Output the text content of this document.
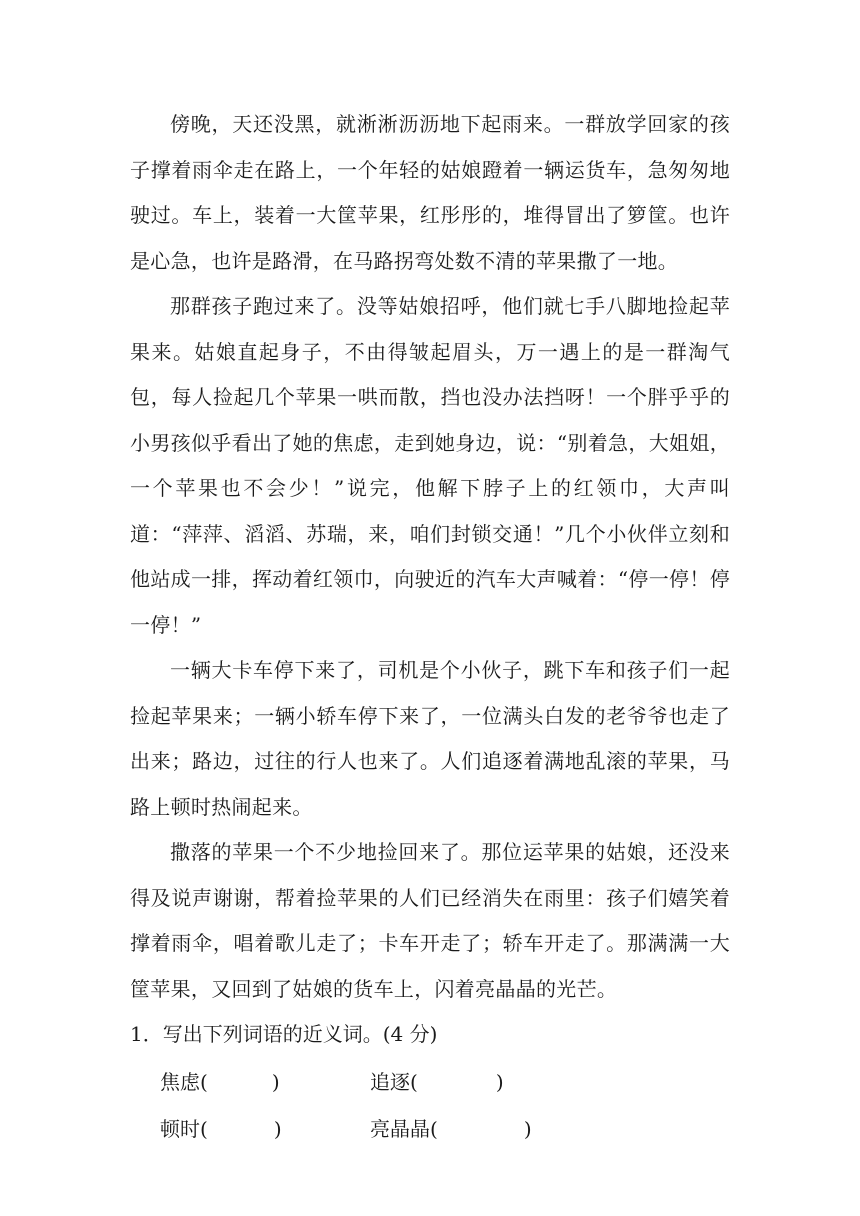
傍晚，天还没黑，就淅淅沥沥地下起雨来。一群放学回家的孩子撑着雨伞走在路上，一个年轻的姑娘蹬着一辆运货车，急匆匆地驶过。车上，装着一大筐苹果，红彤彤的，堆得冒出了箩筐。也许是心急，也许是路滑，在马路拐弯处数不清的苹果撒了一地。

那群孩子跑过来了。没等姑娘招呼，他们就七手八脚地捡起苹果来。姑娘直起身子，不由得皱起眉头，万一遇上的是一群淘气包，每人捡起几个苹果一哄而散，挡也没办法挡呀！一个胖乎乎的小男孩似乎看出了她的焦虑，走到她身边，说：“别着急，大姐姐，一个苹果也不会少！”说完，他解下脖子上的红领巾，大声叫道：“萍萍、滔滔、苏瑞，来，咱们封锁交通！”几个小伙伴立刻和他站成一排，挥动着红领巾，向驶近的汽车大声喊着：“停一停！停一停！”

一辆大卡车停下来了，司机是个小伙子，跳下车和孩子们一起捡起苹果来；一辆小轿车停下来了，一位满头白发的老爷爷也走了出来；路边，过往的行人也来了。人们追逐着满地乱滚的苹果，马路上顿时热闹起来。

撒落的苹果一个不少地捡回来了。那位运苹果的姑娘，还没来得及说声谢谢，帮着捡苹果的人们已经消失在雨里：孩子们嬉笑着撑着雨伞，唱着歌儿走了；卡车开走了；轿车开走了。那满满一大筐苹果，又回到了姑娘的货车上，闪着亮晶晶的光芒。

1．写出下列词语的近义词。(4 分)

焦虑(	)	追逐(	)
顿时(	)	亮晶晶(	)
